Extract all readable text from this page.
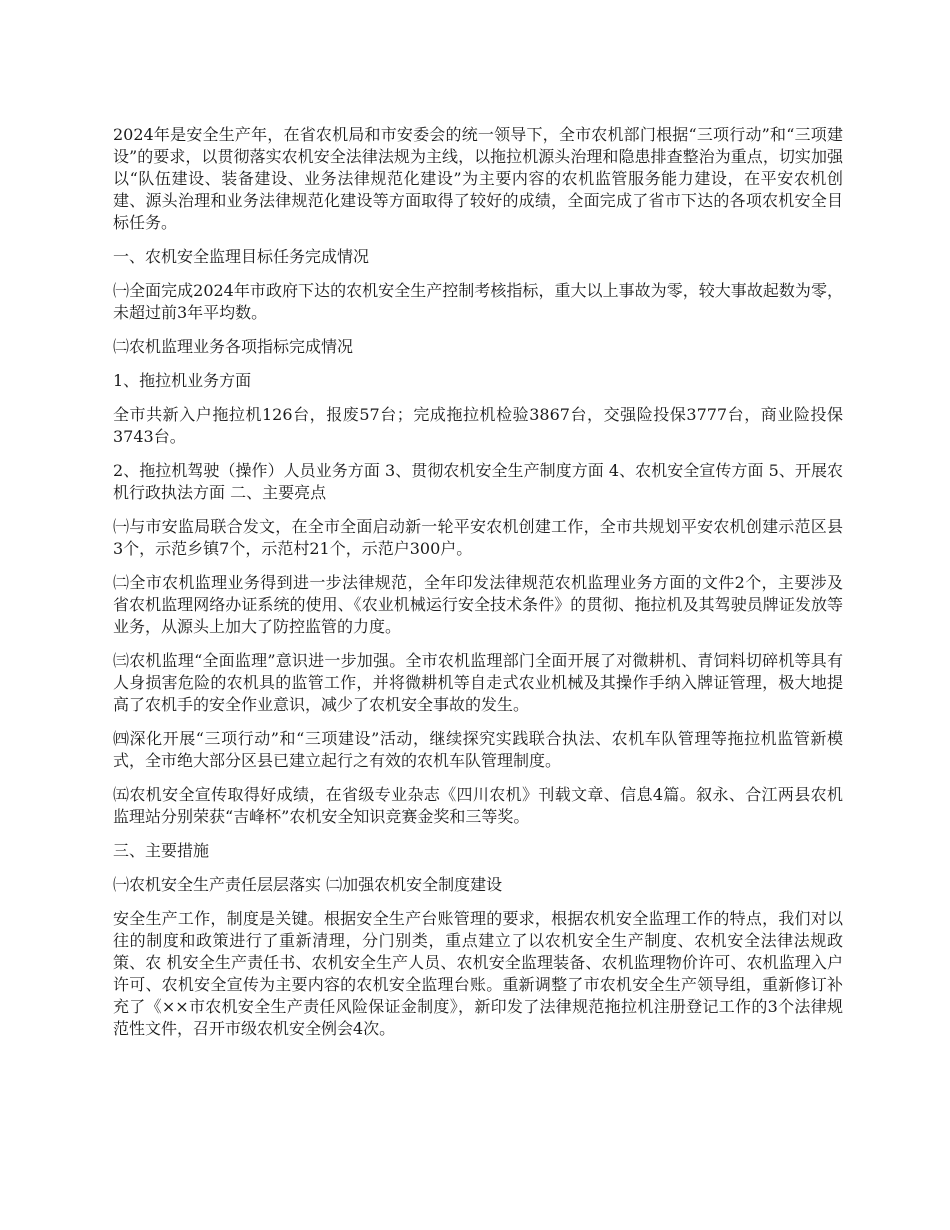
2024年是安全生产年，在省农机局和市安委会的统一领导下，全市农机部门根据“三项行动”和“三项建设”的要求，以贯彻落实农机安全法律法规为主线，以拖拉机源头治理和隐患排查整治为重点，切实加强以“队伍建设、装备建设、业务法律规范化建设”为主要内容的农机监管服务能力建设，在平安农机创建、源头治理和业务法律规范化建设等方面取得了较好的成绩，全面完成了省市下达的各项农机安全目标任务。

一、农机安全监理目标任务完成情况

㈠全面完成2024年市政府下达的农机安全生产控制考核指标，重大以上事故为零，较大事故起数为零，未超过前3年平均数。

㈡农机监理业务各项指标完成情况

1、拖拉机业务方面

全市共新入户拖拉机126台，报废57台；完成拖拉机检验3867台，交强险投保3777台，商业险投保3743台。

2、拖拉机驾驶（操作）人员业务方面 3、贯彻农机安全生产制度方面 4、农机安全宣传方面 5、开展农机行政执法方面 二、主要亮点

㈠与市安监局联合发文，在全市全面启动新一轮平安农机创建工作，全市共规划平安农机创建示范区县3个，示范乡镇7个，示范村21个，示范户300户。

㈡全市农机监理业务得到进一步法律规范，全年印发法律规范农机监理业务方面的文件2个，主要涉及省农机监理网络办证系统的使用、《农业机械运行安全技术条件》的贯彻、拖拉机及其驾驶员牌证发放等业务，从源头上加大了防控监管的力度。

㈢农机监理“全面监理”意识进一步加强。全市农机监理部门全面开展了对微耕机、青饲料切碎机等具有人身损害危险的农机具的监管工作，并将微耕机等自走式农业机械及其操作手纳入牌证管理，极大地提高了农机手的安全作业意识，减少了农机安全事故的发生。

㈣深化开展“三项行动”和“三项建设”活动，继续探究实践联合执法、农机车队管理等拖拉机监管新模式，全市绝大部分区县已建立起行之有效的农机车队管理制度。

㈤农机安全宣传取得好成绩，在省级专业杂志《四川农机》刊载文章、信息4篇。叙永、合江两县农机监理站分别荣获“吉峰杯”农机安全知识竞赛金奖和三等奖。

三、主要措施

㈠农机安全生产责任层层落实 ㈡加强农机安全制度建设

安全生产工作，制度是关键。根据安全生产台账管理的要求，根据农机安全监理工作的特点，我们对以往的制度和政策进行了重新清理，分门别类，重点建立了以农机安全生产制度、农机安全法律法规政策、农 机安全生产责任书、农机安全生产人员、农机安全监理装备、农机监理物价许可、农机监理入户许可、农机安全宣传为主要内容的农机安全监理台账。重新调整了市农机安全生产领导组，重新修订补充了《××市农机安全生产责任风险保证金制度》，新印发了法律规范拖拉机注册登记工作的3个法律规范性文件，召开市级农机安全例会4次。
